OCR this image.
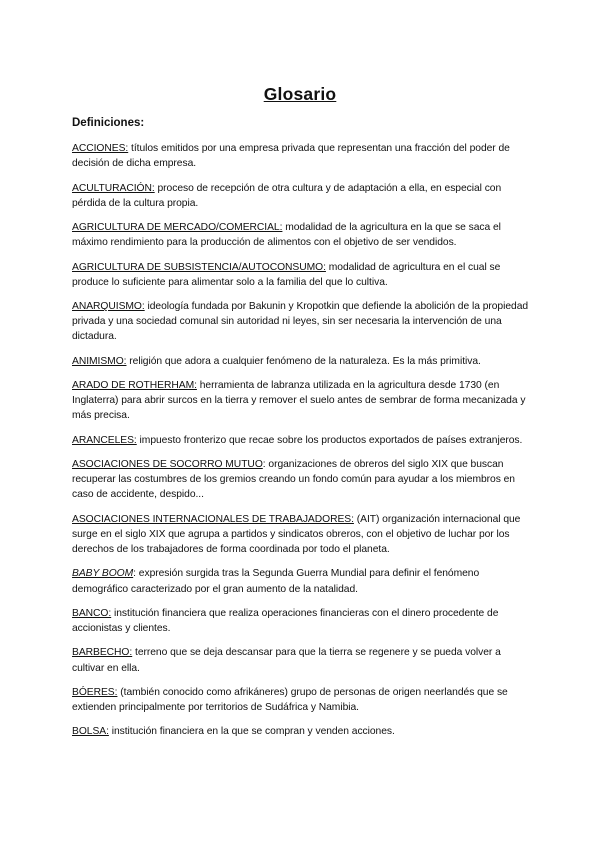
Glosario
Definiciones:

ACCIONES: títulos emitidos por una empresa privada que representan una fracción del poder de decisión de dicha empresa.

ACULTURACIÓN: proceso de recepción de otra cultura y de adaptación a ella, en especial con pérdida de la cultura propia.

AGRICULTURA DE MERCADO/COMERCIAL: modalidad de la agricultura en la que se saca el máximo rendimiento para la producción de alimentos con el objetivo de ser vendidos.

AGRICULTURA DE SUBSISTENCIA/AUTOCONSUMO: modalidad de agricultura en el cual se produce lo suficiente para alimentar solo a la familia del que lo cultiva.

ANARQUISMO: ideología fundada por Bakunin y Kropotkin que defiende la abolición de la propiedad privada y una sociedad comunal sin autoridad ni leyes, sin ser necesaria la intervención de una dictadura.

ANIMISMO: religión que adora a cualquier fenómeno de la naturaleza. Es la más primitiva.

ARADO DE ROTHERHAM: herramienta de labranza utilizada en la agricultura desde 1730 (en Inglaterra) para abrir surcos en la tierra y remover el suelo antes de sembrar de forma mecanizada y más precisa.

ARANCELES: impuesto fronterizo que recae sobre los productos exportados de países extranjeros.

ASOCIACIONES DE SOCORRO MUTUO: organizaciones de obreros del siglo XIX que buscan recuperar las costumbres de los gremios creando un fondo común para ayudar a los miembros en caso de accidente, despido...

ASOCIACIONES INTERNACIONALES DE TRABAJADORES: (AIT) organización internacional que surge en el siglo XIX que agrupa a partidos y sindicatos obreros, con el objetivo de luchar por los derechos de los trabajadores de forma coordinada por todo el planeta.

BABY BOOM: expresión surgida tras la Segunda Guerra Mundial para definir el fenómeno demográfico caracterizado por el gran aumento de la natalidad.

BANCO: institución financiera que realiza operaciones financieras con el dinero procedente de accionistas y clientes.

BARBECHO: terreno que se deja descansar para que la tierra se regenere y se pueda volver a cultivar en ella.

BÓERES: (también conocido como afrikáneres) grupo de personas de origen neerlandés que se extienden principalmente por territorios de Sudáfrica y Namibia.

BOLSA: institución financiera en la que se compran y venden acciones.
